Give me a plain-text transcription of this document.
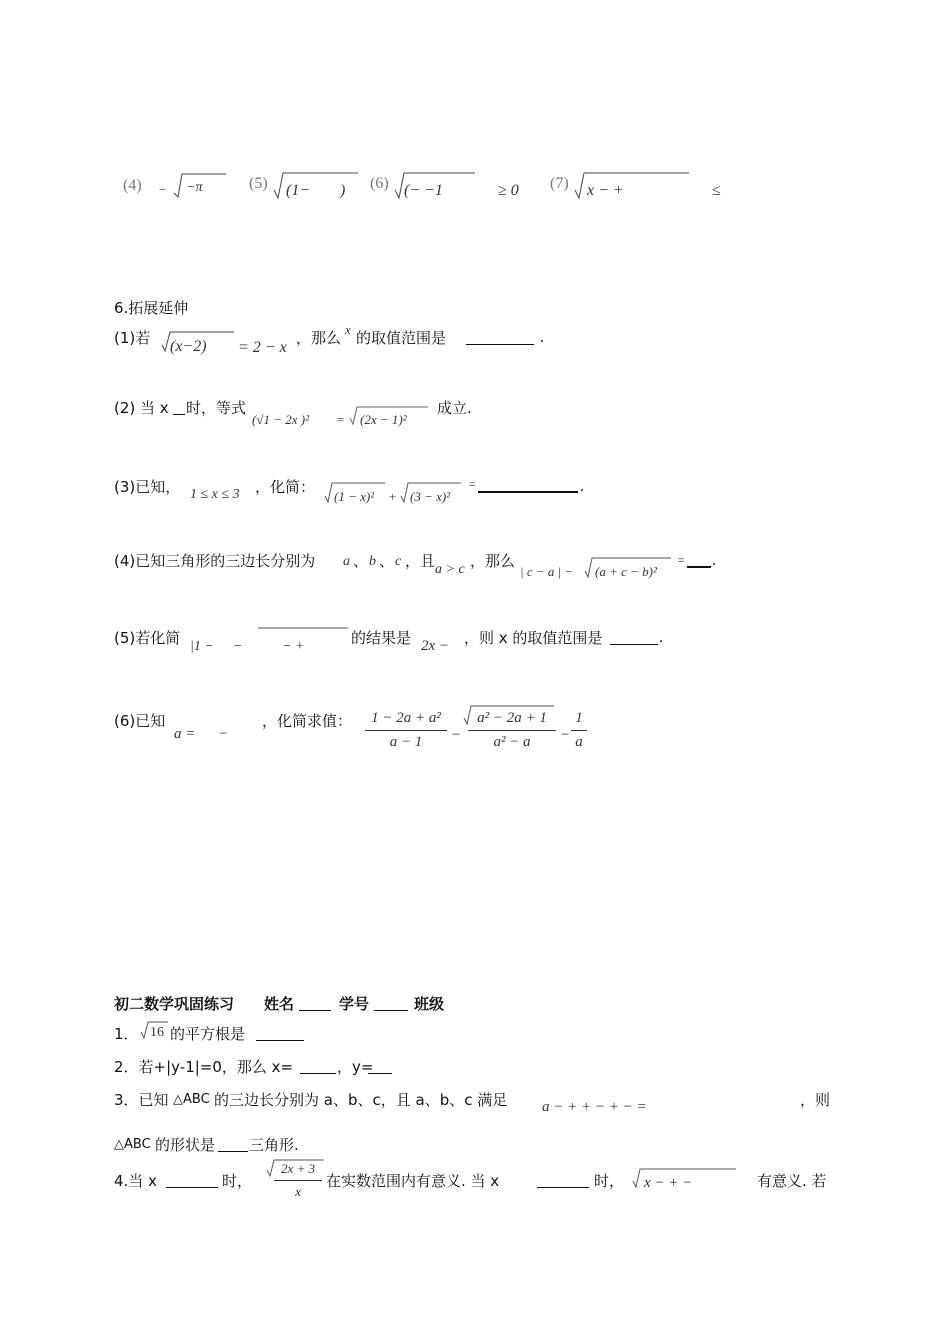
(4) − −π	(5) (1− ) (6) (− −1	≥ 0 (7) x − +	≤
6.拓展延伸
(1)若 (x−2) = 2 − x
，那么 x 的取值范围是	.
(2) 当 x 时，等式
(√1 − 2x )² = (2x − 1)²
成立.
(3)已知， 1 ≤ x ≤ 3 ，化简：
(1 − x)² + (3 − x)²
=	.
(4)已知三角形的三边长分别为 a 、 b 、 c ，且 a > c ，那么
| c − a | − (a + c − b)²
= .
(5)若化简 |1 − −	− +	的结果是 2x − ，则 x 的取值范围是	.
(6)已知
a = −
，化简求值：	1 − 2a + a²
a − 1	−
a² − 2a + 1
a² − a	−
1
a
初二数学巩固练习 姓名	学号	班级
1． 16 的平方根是
2．若+|y-1|=0，那么 x=	，y=
3．已知 △ABC 的三边长分别为 a、b、c，且 a、b、c 满足 a − + + − + − =	，则
△ABC 的形状是 三角形.
4.当 x	时，
2x + 3
x
在实数范围内有意义. 当 x	时， x − + −	有意义. 若
